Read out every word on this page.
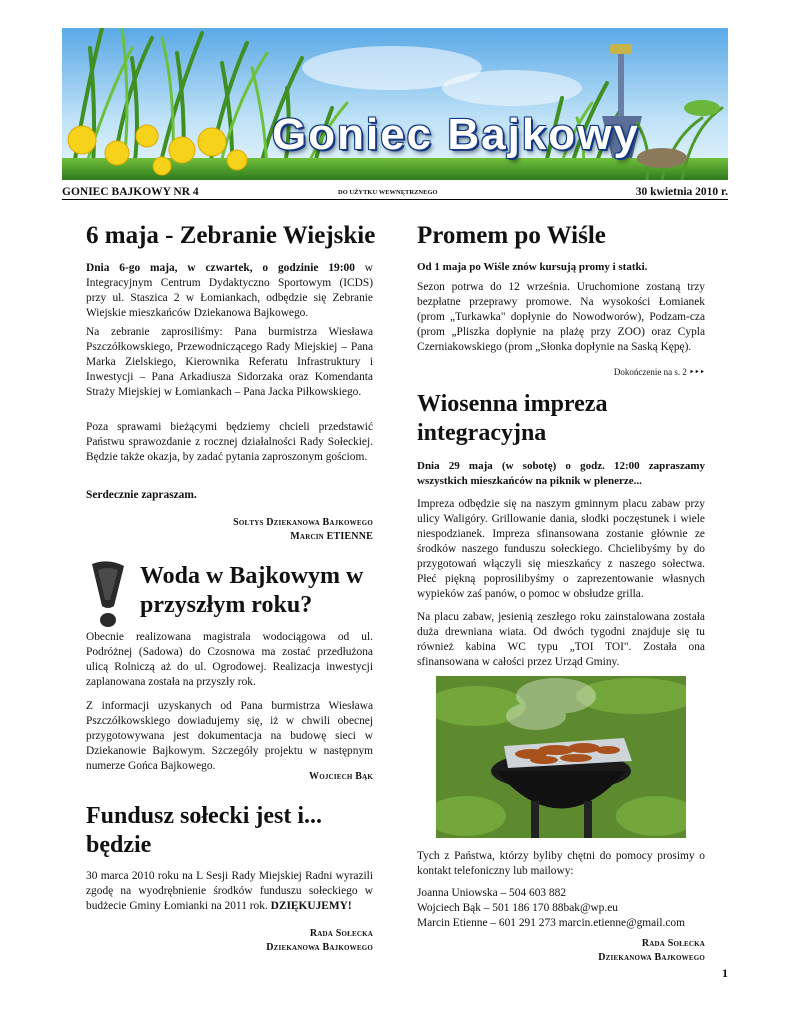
Goniec Bajkowy
GONIEC BAJKOWY NR 4	DO UŻYTKU WEWNĘTRZNEGO	30 kwietnia 2010 r.
6 maja - Zebranie Wiejskie

Dnia 6-go maja, w czwartek, o godzinie 19:00 w Integracyjnym Centrum Dydaktyczno Sportowym (ICDS) przy ul. Staszica 2 w Łomiankach, odbędzie się Zebranie Wiejskie mieszkańców Dziekanowa Bajkowego.

Na zebranie zaprosiliśmy: Pana burmistrza Wiesława Pszczółkowskiego, Przewodniczącego Rady Miejskiej – Pana Marka Zielskiego, Kierownika Referatu Infrastruktury i Inwestycji – Pana Arkadiusza Sidorzaka oraz Komendanta Straży Miejskiej w Łomiankach – Pana Jacka Piłkowskiego.

Poza sprawami bieżącymi będziemy chcieli przedstawić Państwu sprawozdanie z rocznej działalności Rady Sołeckiej. Będzie także okazja, by zadać pytania zaproszonym gościom.

Serdecznie zapraszam.

Sołtys Dziekanowa Bajkowego
Marcin ETIENNE
Woda w Bajkowym w przyszłym roku?

Obecnie realizowana magistrala wodociągowa od ul. Podróżnej (Sadowa) do Czosnowa ma zostać przedłużona ulicą Rolniczą aż do ul. Ogrodowej. Realizacja inwestycji zaplanowana została na przyszły rok.

Z informacji uzyskanych od Pana burmistrza Wiesława Pszczółkowskiego dowiadujemy się, iż w chwili obecnej przygotowywana jest dokumentacja na budowę sieci w Dziekanowie Bajkowym. Szczegóły projektu w następnym numerze Gońca Bajkowego.

Wojciech Bąk
Fundusz sołecki jest i... będzie

30 marca 2010 roku na L Sesji Rady Miejskiej Radni wyrazili zgodę na wyodrębnienie środków funduszu sołeckiego w budżecie Gminy Łomianki na 2011 rok. DZIĘKUJEMY!

Rada Sołecka
Dziekanowa Bajkowego
Promem po Wiśle

Od 1 maja po Wiśle znów kursują promy i statki.

Sezon potrwa do 12 września. Uruchomione zostaną trzy bezpłatne przeprawy promowe. Na wysokości Łomianek (prom „Turkawka" dopłynie do Nowodworów), Podzam-cza (prom „Pliszka dopłynie na plażę przy ZOO) oraz Cypla Czerniakowskiego (prom „Słonka dopłynie na Saską Kępę).

Dokończenie na s. 2 ‣‣‣
Wiosenna impreza integracyjna

Dnia 29 maja (w sobotę) o godz. 12:00 zapraszamy wszystkich mieszkańców na piknik w plenerze...

Impreza odbędzie się na naszym gminnym placu zabaw przy ulicy Waligóry. Grillowanie dania, słodki poczęstunek i wiele niespodzianek. Impreza sfinansowana zostanie głównie ze środków naszego funduszu sołeckiego. Chcielibyśmy by do przygotowań włączyli się mieszkańcy z naszego sołectwa. Płeć piękną poprosilibyśmy o zaprezentowanie własnych wypieków zaś panów, o pomoc w obsłudze grilla.

Na placu zabaw, jesienią zeszłego roku zainstalowana została duża drewniana wiata. Od dwóch tygodni znajduje się tu również kabina WC typu „TOI TOI". Została ona sfinansowana w całości przez Urząd Gminy.

Tych z Państwa, którzy byliby chętni do pomocy prosimy o kontakt telefoniczny lub mailowy:

Joanna Uniowska – 504 603 882
Wojciech Bąk – 501 186 170 88bak@wp.eu
Marcin Etienne – 601 291 273 marcin.etienne@gmail.com
Rada Sołecka
Dziekanowa Bajkowego
1
